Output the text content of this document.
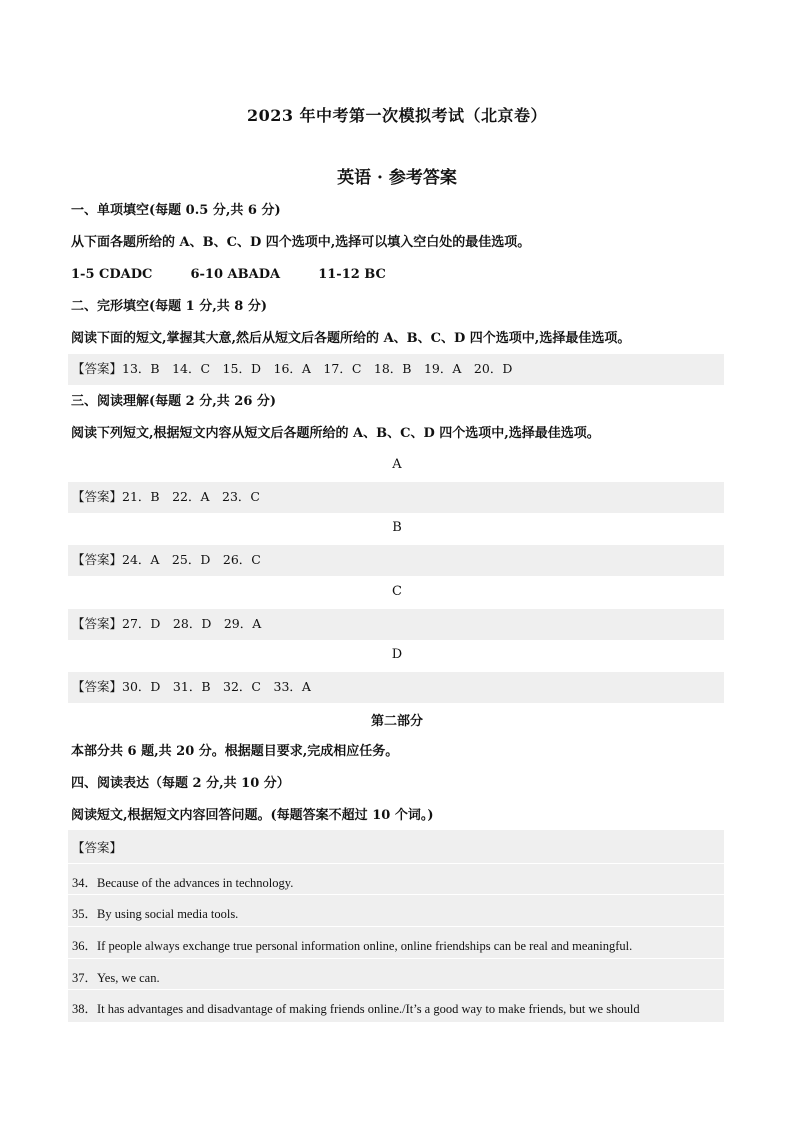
2023 年中考第一次模拟考试（北京卷）
英语 · 参考答案
一、单项填空(每题 0.5 分,共 6 分)
从下面各题所给的 A、B、C、D 四个选项中,选择可以填入空白处的最佳选项。
1-5 CDADC	6-10 ABADA	11-12 BC
二、完形填空(每题 1 分,共 8 分)
阅读下面的短文,掌握其大意,然后从短文后各题所给的 A、B、C、D 四个选项中,选择最佳选项。
【答案】13．B　14．C　15．D　16．A　17．C　18．B　19．A　20．D
三、阅读理解(每题 2 分,共 26 分)
阅读下列短文,根据短文内容从短文后各题所给的 A、B、C、D 四个选项中,选择最佳选项。
A
【答案】21．B　22．A　23．C
B
【答案】24．A　25．D　26．C
C
【答案】27．D　28．D　29．A
D
【答案】30．D　31．B　32．C　33．A
第二部分
本部分共 6 题,共 20 分。根据题目要求,完成相应任务。
四、阅读表达（每题 2 分,共 10 分）
阅读短文,根据短文内容回答问题。(每题答案不超过 10 个词。)
【答案】
34．Because of the advances in technology.
35．By using social media tools.
36．If people always exchange true personal information online, online friendships can be real and meaningful.
37．Yes, we can.
38．It has advantages and disadvantage of making friends online./It’s a good way to make friends, but we should
